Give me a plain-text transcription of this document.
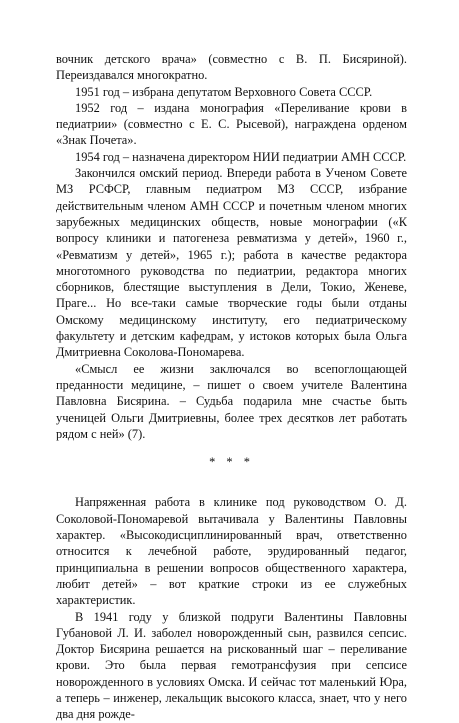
вочник детского врача» (совместно с В. П. Бисяриной). Переиздавался многократно.

1951 год – избрана депутатом Верховного Совета СССР.

1952 год – издана монография «Переливание крови в педиатрии» (совместно с Е. С. Рысевой), награждена орденом «Знак Почета».

1954 год – назначена директором НИИ педиатрии АМН СССР.

Закончился омский период. Впереди работа в Ученом Совете МЗ РСФСР, главным педиатром МЗ СССР, избрание действительным членом АМН СССР и почетным членом многих зарубежных медицинских обществ, новые монографии («К вопросу клиники и патогенеза ревматизма у детей», 1960 г., «Ревматизм у детей», 1965 г.); работа в качестве редактора многотомного руководства по педиатрии, редактора многих сборников, блестящие выступления в Дели, Токио, Женеве, Праге... Но все-таки самые творческие годы были отданы Омскому медицинскому институту, его педиатрическому факультету и детским кафедрам, у истоков которых была Ольга Дмитриевна Соколова-Пономарева.

«Смысл ее жизни заключался во всепоглощающей преданности медицине, – пишет о своем учителе Валентина Павловна Бисярина. – Судьба подарила мне счастье быть ученицей Ольги Дмитриевны, более трех десятков лет работать рядом с ней» (7).

* * *

Напряженная работа в клинике под руководством О. Д. Соколовой-Пономаревой вытачивала у Валентины Павловны характер. «Высокодисциплинированный врач, ответственно относится к лечебной работе, эрудированный педагог, принципиальна в решении вопросов общественного характера, любит детей» – вот краткие строки из ее служебных характеристик.

В 1941 году у близкой подруги Валентины Павловны Губановой Л. И. заболел новорожденный сын, развился сепсис. Доктор Бисярина решается на рискованный шаг – переливание крови. Это была первая гемотрансфузия при сепсисе новорожденного в условиях Омска. И сейчас тот маленький Юра, а теперь – инженер, лекальщик высокого класса, знает, что у него два дня рожде-
